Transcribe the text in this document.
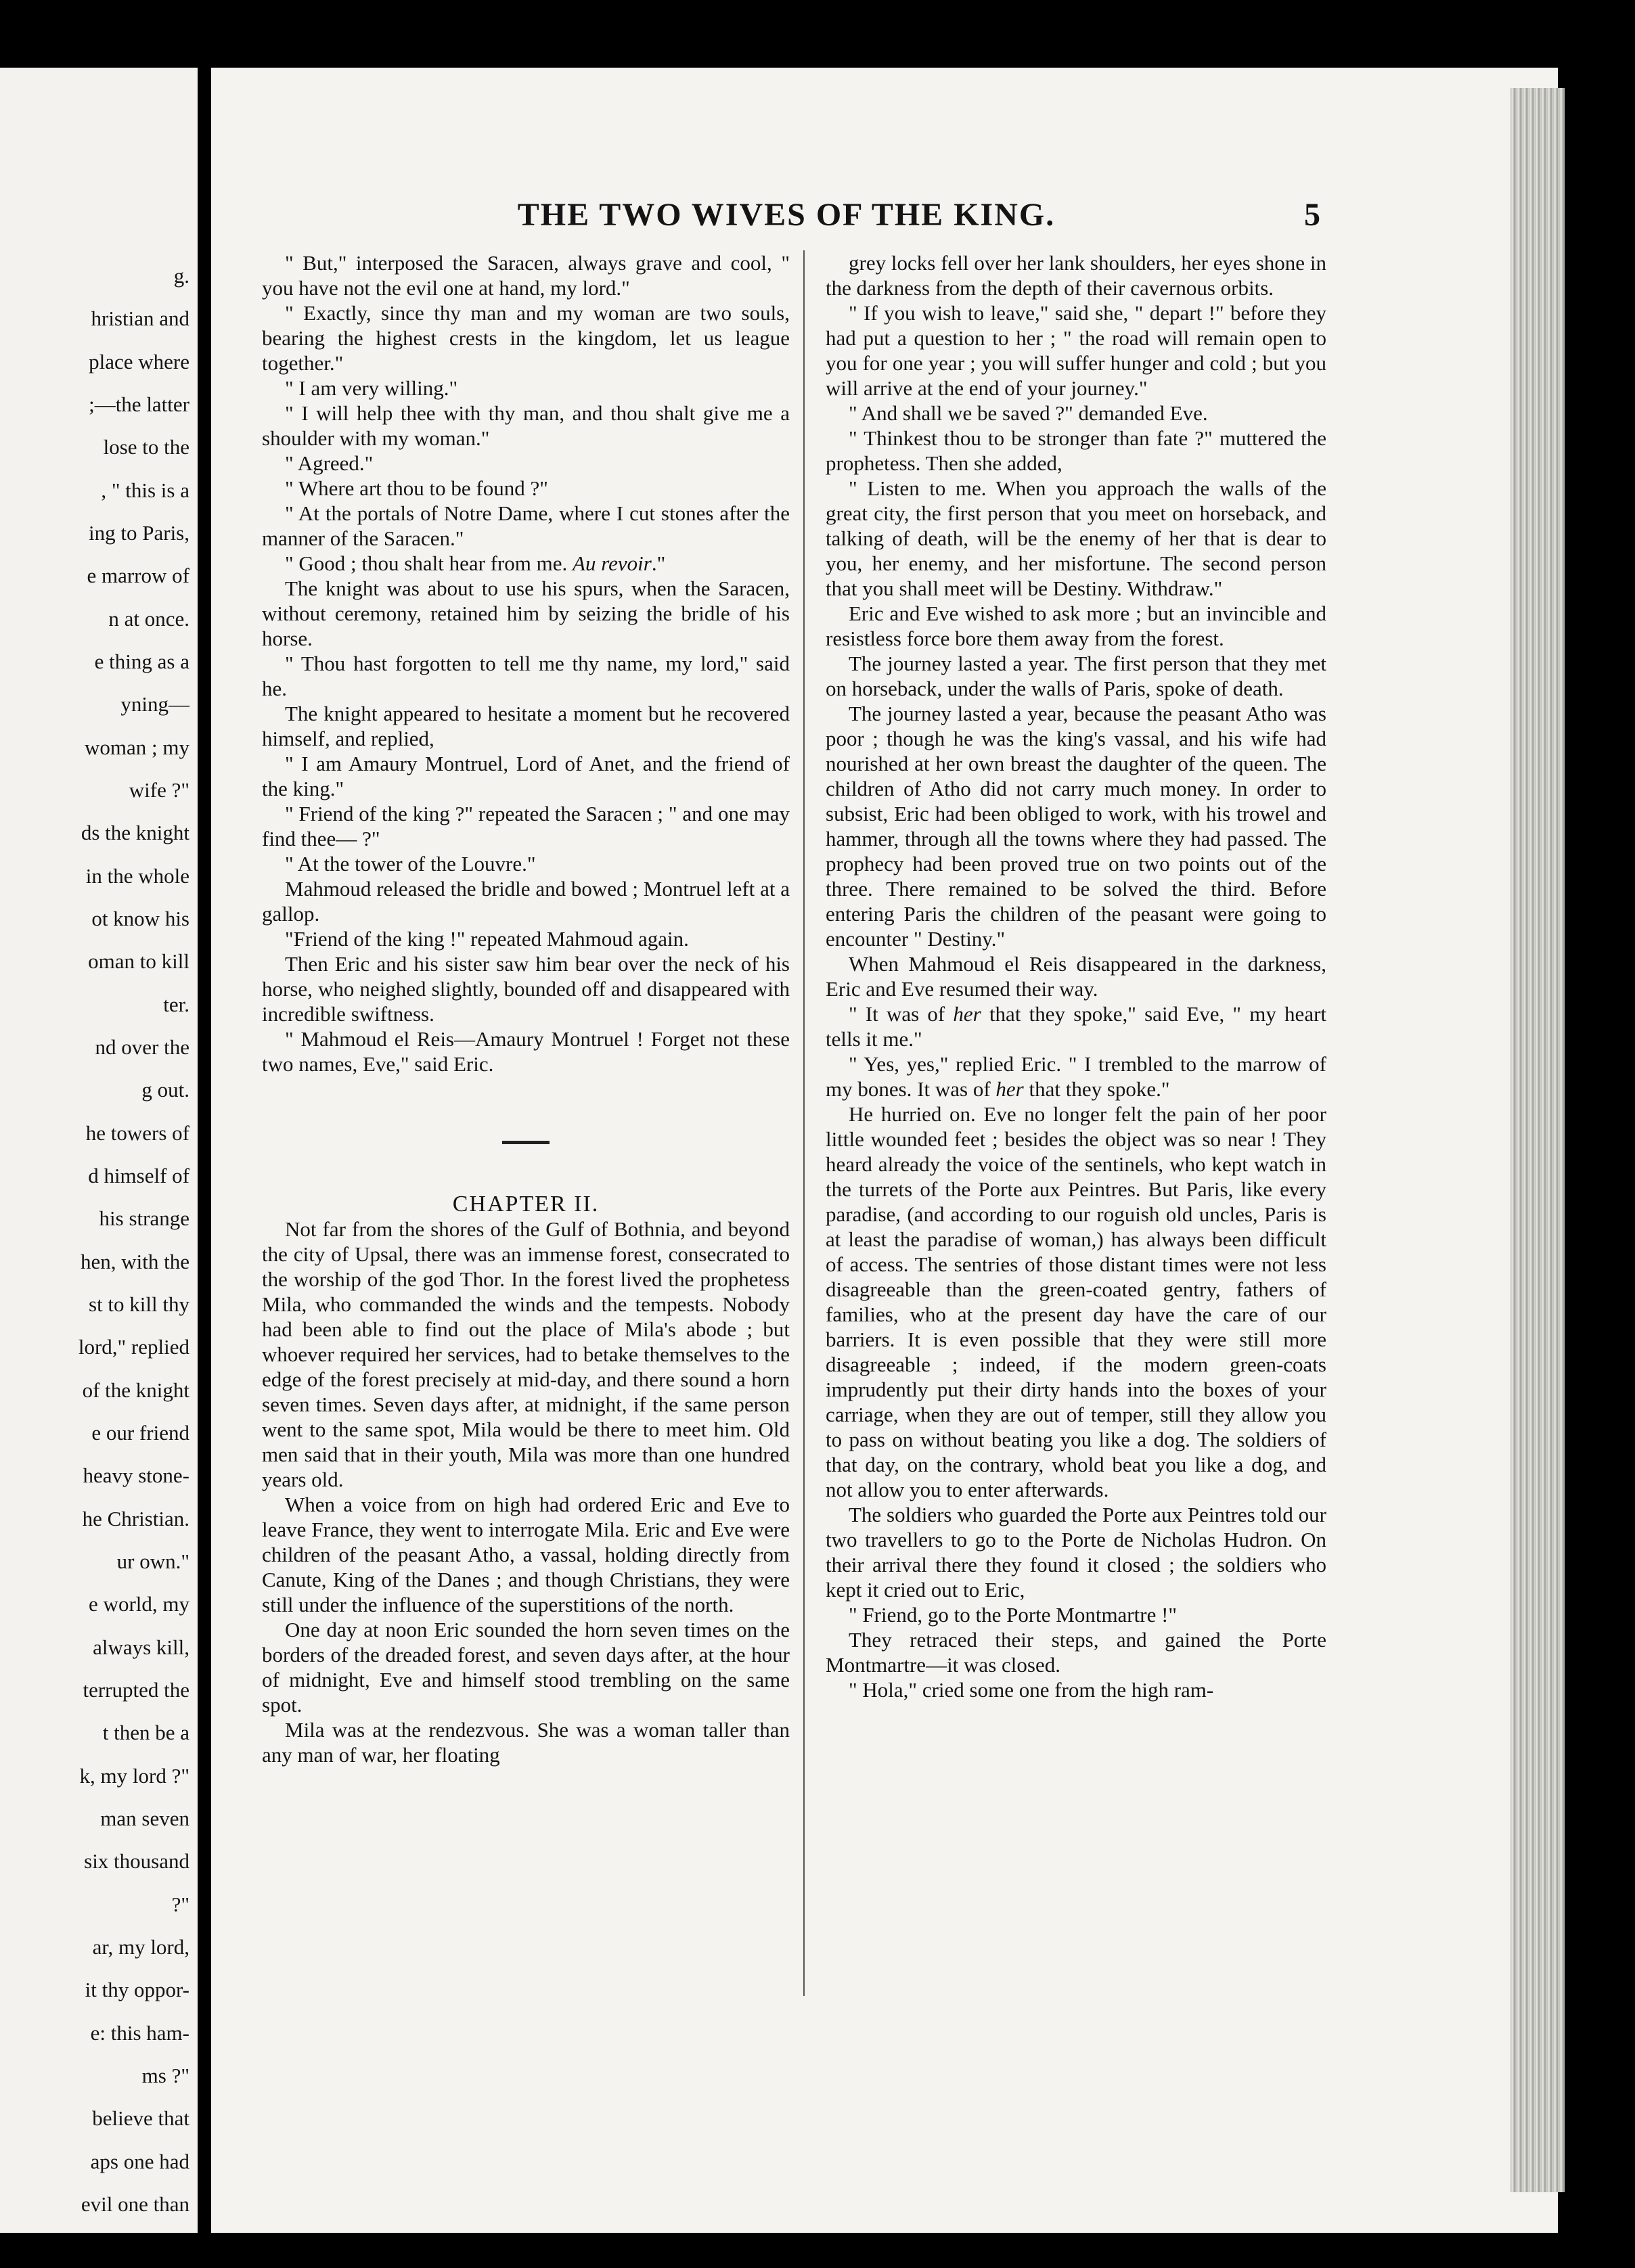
g.
hristian and
place where
;—the latter
lose to the
, " this is a
ing to Paris,
e marrow of
n at once.
e thing as a
yning—
woman ; my
wife ?"
ds the knight
in the whole
ot know his
oman to kill
ter.
nd over the
g out.
he towers of
d himself of
his strange
hen, with the
st to kill thy
lord," replied
of the knight
e our friend
heavy stone-
he Christian.
ur own."
e world, my
always kill,
terrupted the
t then be a
k, my lord ?"
man seven
six thousand
?"
ar, my lord,
it thy oppor-
e: this ham-
ms ?"
believe that
aps one had
evil one than
THE TWO WIVES OF THE KING.	5

" But," interposed the Saracen, always grave and cool, " you have not the evil one at hand, my lord."

" Exactly, since thy man and my woman are two souls, bearing the highest crests in the kingdom, let us league together."

" I am very willing."

" I will help thee with thy man, and thou shalt give me a shoulder with my woman."

" Agreed."

" Where art thou to be found ?"

" At the portals of Notre Dame, where I cut stones after the manner of the Saracen."

" Good ; thou shalt hear from me. Au revoir."

The knight was about to use his spurs, when the Saracen, without ceremony, retained him by seizing the bridle of his horse.

" Thou hast forgotten to tell me thy name, my lord," said he.

The knight appeared to hesitate a moment but he recovered himself, and replied,

" I am Amaury Montruel, Lord of Anet, and the friend of the king."

" Friend of the king ?" repeated the Saracen ; " and one may find thee— ?"

" At the tower of the Louvre."

Mahmoud released the bridle and bowed ; Montruel left at a gallop.

"Friend of the king !" repeated Mahmoud again.

Then Eric and his sister saw him bear over the neck of his horse, who neighed slightly, bounded off and disappeared with incredible swiftness.

" Mahmoud el Reis—Amaury Montruel ! Forget not these two names, Eve," said Eric.

CHAPTER II.

Not far from the shores of the Gulf of Bothnia, and beyond the city of Upsal, there was an immense forest, consecrated to the worship of the god Thor. In the forest lived the prophetess Mila, who commanded the winds and the tempests. Nobody had been able to find out the place of Mila's abode ; but whoever required her services, had to betake themselves to the edge of the forest precisely at mid-day, and there sound a horn seven times. Seven days after, at midnight, if the same person went to the same spot, Mila would be there to meet him. Old men said that in their youth, Mila was more than one hundred years old.

When a voice from on high had ordered Eric and Eve to leave France, they went to interrogate Mila. Eric and Eve were children of the peasant Atho, a vassal, holding directly from Canute, King of the Danes ; and though Christians, they were still under the influence of the superstitions of the north.

One day at noon Eric sounded the horn seven times on the borders of the dreaded forest, and seven days after, at the hour of midnight, Eve and himself stood trembling on the same spot.

Mila was at the rendezvous. She was a woman taller than any man of war, her floating

grey locks fell over her lank shoulders, her eyes shone in the darkness from the depth of their cavernous orbits.

" If you wish to leave," said she, " depart !" before they had put a question to her ; " the road will remain open to you for one year ; you will suffer hunger and cold ; but you will arrive at the end of your journey."

" And shall we be saved ?" demanded Eve.

" Thinkest thou to be stronger than fate ?" muttered the prophetess. Then she added,

" Listen to me. When you approach the walls of the great city, the first person that you meet on horseback, and talking of death, will be the enemy of her that is dear to you, her enemy, and her misfortune. The second person that you shall meet will be Destiny. Withdraw."

Eric and Eve wished to ask more ; but an invincible and resistless force bore them away from the forest.

The journey lasted a year. The first person that they met on horseback, under the walls of Paris, spoke of death.

The journey lasted a year, because the peasant Atho was poor ; though he was the king's vassal, and his wife had nourished at her own breast the daughter of the queen. The children of Atho did not carry much money. In order to subsist, Eric had been obliged to work, with his trowel and hammer, through all the towns where they had passed. The prophecy had been proved true on two points out of the three. There remained to be solved the third. Before entering Paris the children of the peasant were going to encounter " Destiny."

When Mahmoud el Reis disappeared in the darkness, Eric and Eve resumed their way.

" It was of her that they spoke," said Eve, " my heart tells it me."

" Yes, yes," replied Eric. " I trembled to the marrow of my bones. It was of her that they spoke."

He hurried on. Eve no longer felt the pain of her poor little wounded feet ; besides the object was so near ! They heard already the voice of the sentinels, who kept watch in the turrets of the Porte aux Peintres. But Paris, like every paradise, (and according to our roguish old uncles, Paris is at least the paradise of woman,) has always been difficult of access. The sentries of those distant times were not less disagreeable than the green-coated gentry, fathers of families, who at the present day have the care of our barriers. It is even possible that they were still more disagreeable ; indeed, if the modern green-coats imprudently put their dirty hands into the boxes of your carriage, when they are out of temper, still they allow you to pass on without beating you like a dog. The soldiers of that day, on the contrary, whold beat you like a dog, and not allow you to enter afterwards.

The soldiers who guarded the Porte aux Peintres told our two travellers to go to the Porte de Nicholas Hudron. On their arrival there they found it closed ; the soldiers who kept it cried out to Eric,

" Friend, go to the Porte Montmartre !"

They retraced their steps, and gained the Porte Montmartre—it was closed.

" Hola," cried some one from the high ram-
